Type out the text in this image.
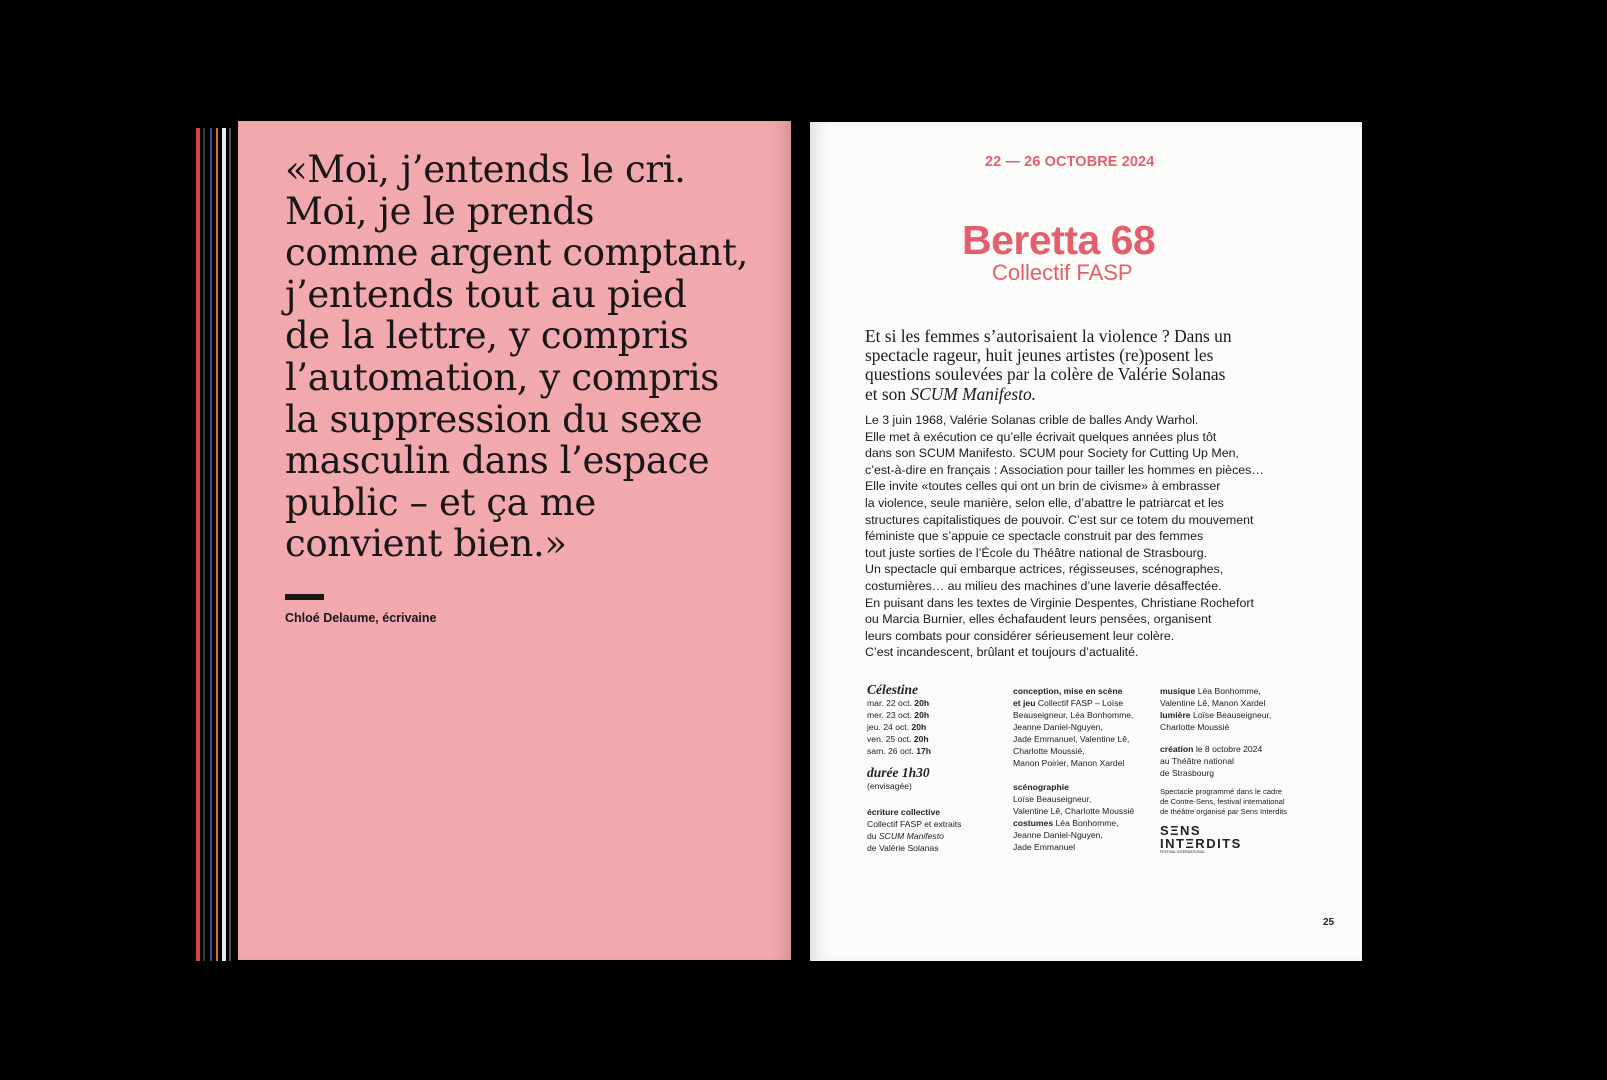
«Moi, j’entends le cri.
Moi, je le prends
comme argent comptant,
j’entends tout au pied
de la lettre, y compris
l’automation, y compris
la suppression du sexe
masculin dans l’espace
public – et ça me
convient bien.»
Chloé Delaume, écrivaine
22 — 26 OCTOBRE 2024
Beretta 68
Collectif FASP
Et si les femmes s’autorisaient la violence ? Dans un
spectacle rageur, huit jeunes artistes (re)posent les
questions soulevées par la colère de Valérie Solanas
et son SCUM Manifesto.

Le 3 juin 1968, Valérie Solanas crible de balles Andy Warhol.

Elle met à exécution ce qu’elle écrivait quelques années plus tôt

dans son SCUM Manifesto. SCUM pour Society for Cutting Up Men,

c’est-à-dire en français : Association pour tailler les hommes en pièces…

Elle invite «toutes celles qui ont un brin de civisme» à embrasser

la violence, seule manière, selon elle, d’abattre le patriarcat et les

structures capitalistiques de pouvoir. C’est sur ce totem du mouvement

féministe que s’appuie ce spectacle construit par des femmes

tout juste sorties de l’École du Théâtre national de Strasbourg.

Un spectacle qui embarque actrices, régisseuses, scénographes,

costumières… au milieu des machines d’une laverie désaffectée.

En puisant dans les textes de Virginie Despentes, Christiane Rochefort

ou Marcia Burnier, elles échafaudent leurs pensées, organisent

leurs combats pour considérer sérieusement leur colère.

C’est incandescent, brûlant et toujours d’actualité.

Célestine
mar. 22 oct. 20h
mer. 23 oct. 20h
jeu. 24 oct. 20h
ven. 25 oct. 20h
sam. 26 oct. 17h
durée 1h30
(envisagée)
écriture collective
Collectif FASP et extraits
du SCUM Manifesto
de Valérie Solanas
conception, mise en scène
et jeu Collectif FASP – Loïse
Beauseigneur, Léa Bonhomme,
Jeanne Daniel-Nguyen,
Jade Emmanuel, Valentine Lê,
Charlotte Moussié,
Manon Poirier, Manon Xardel
scénographie
Loïse Beauseigneur,
Valentine Lê, Charlotte Moussié
costumes Léa Bonhomme,
Jeanne Daniel-Nguyen,
Jade Emmanuel
musique Léa Bonhomme,
Valentine Lê, Manon Xardel
lumière Loïse Beauseigneur,
Charlotte Moussié
création le 8 octobre 2024
au Théâtre national
de Strasbourg
Spectacle programmé dans le cadre
de Contre-Sens, festival international
de théâtre organisé par Sens Interdits
SΞNS
INTΞRDITS
FESTIVAL INTERNATIONAL
25
